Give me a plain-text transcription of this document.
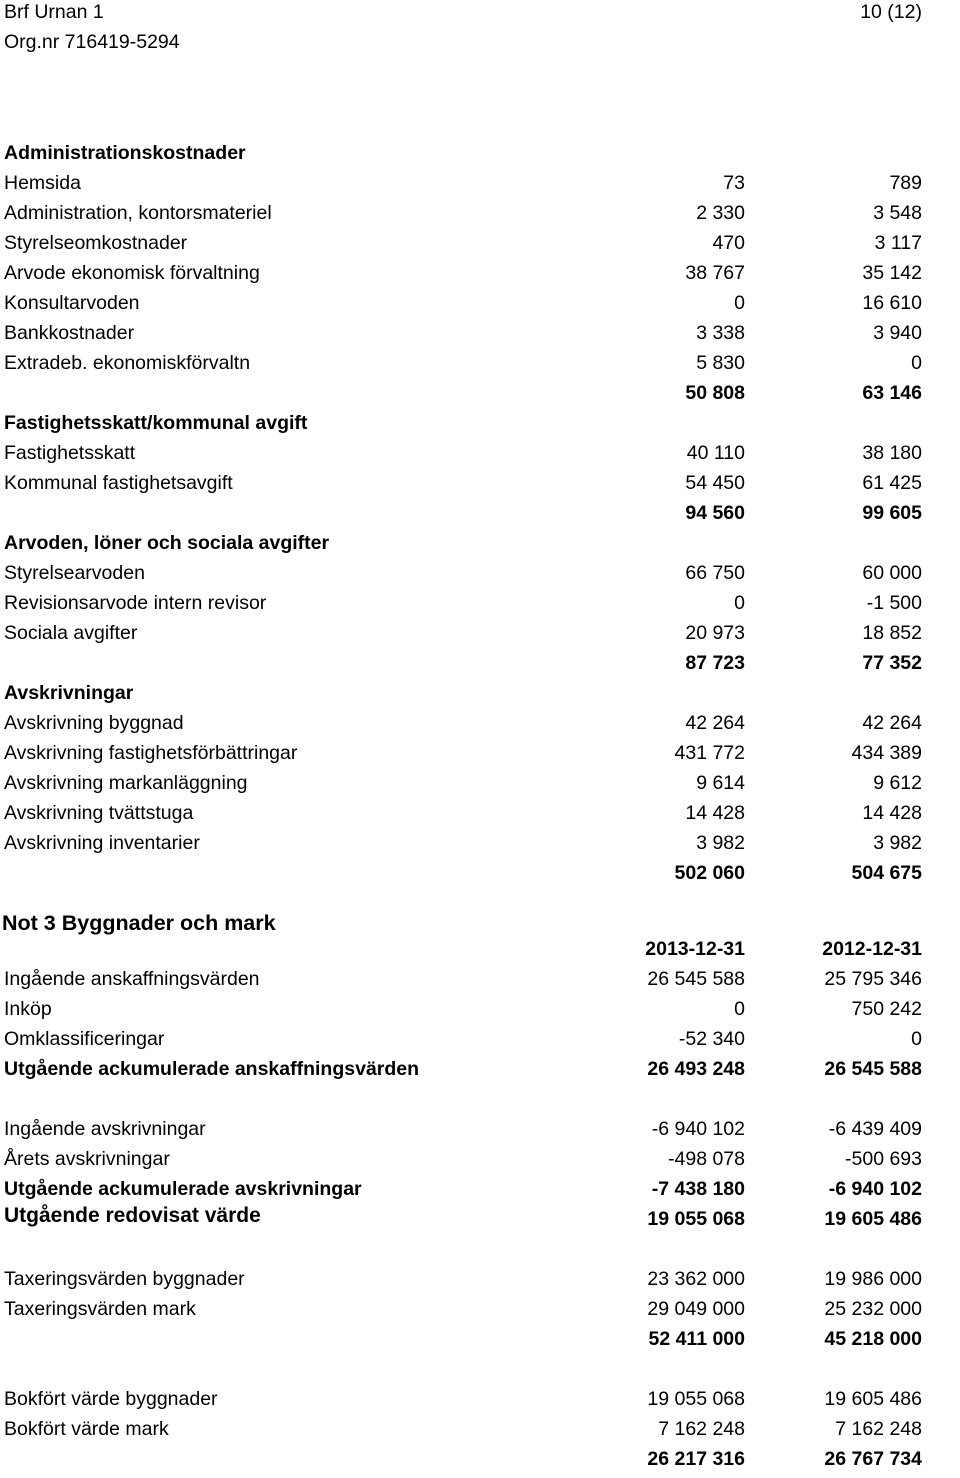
Brf Urnan 1
Org.nr 716419-5294
10 (12)
Administrationskostnader
Hemsida	73	789
Administration, kontorsmateriel	2 330	3 548
Styrelseomkostnader	470	3 117
Arvode ekonomisk förvaltning	38 767	35 142
Konsultarvoden	0	16 610
Bankkostnader	3 338	3 940
Extradeb. ekonomiskförvaltn	5 830	0
50 808	63 146
Fastighetsskatt/kommunal avgift
Fastighetsskatt	40 110	38 180
Kommunal fastighetsavgift	54 450	61 425
94 560	99 605
Arvoden, löner och sociala avgifter
Styrelsearvoden	66 750	60 000
Revisionsarvode intern revisor	0	-1 500
Sociala avgifter	20 973	18 852
87 723	77 352
Avskrivningar
Avskrivning byggnad	42 264	42 264
Avskrivning fastighetsförbättringar	431 772	434 389
Avskrivning markanläggning	9 614	9 612
Avskrivning tvättstuga	14 428	14 428
Avskrivning inventarier	3 982	3 982
502 060	504 675
Not 3 Byggnader och mark
2013-12-31	2012-12-31
Ingående anskaffningsvärden	26 545 588	25 795 346
Inköp	0	750 242
Omklassificeringar	-52 340	0
Utgående ackumulerade anskaffningsvärden	26 493 248	26 545 588
Ingående avskrivningar	-6 940 102	-6 439 409
Årets avskrivningar	-498 078	-500 693
Utgående ackumulerade avskrivningar	-7 438 180	-6 940 102
Utgående redovisat värde	19 055 068	19 605 486
Taxeringsvärden byggnader	23 362 000	19 986 000
Taxeringsvärden mark	29 049 000	25 232 000
52 411 000	45 218 000
Bokfört värde byggnader	19 055 068	19 605 486
Bokfört värde mark	7 162 248	7 162 248
26 217 316	26 767 734
